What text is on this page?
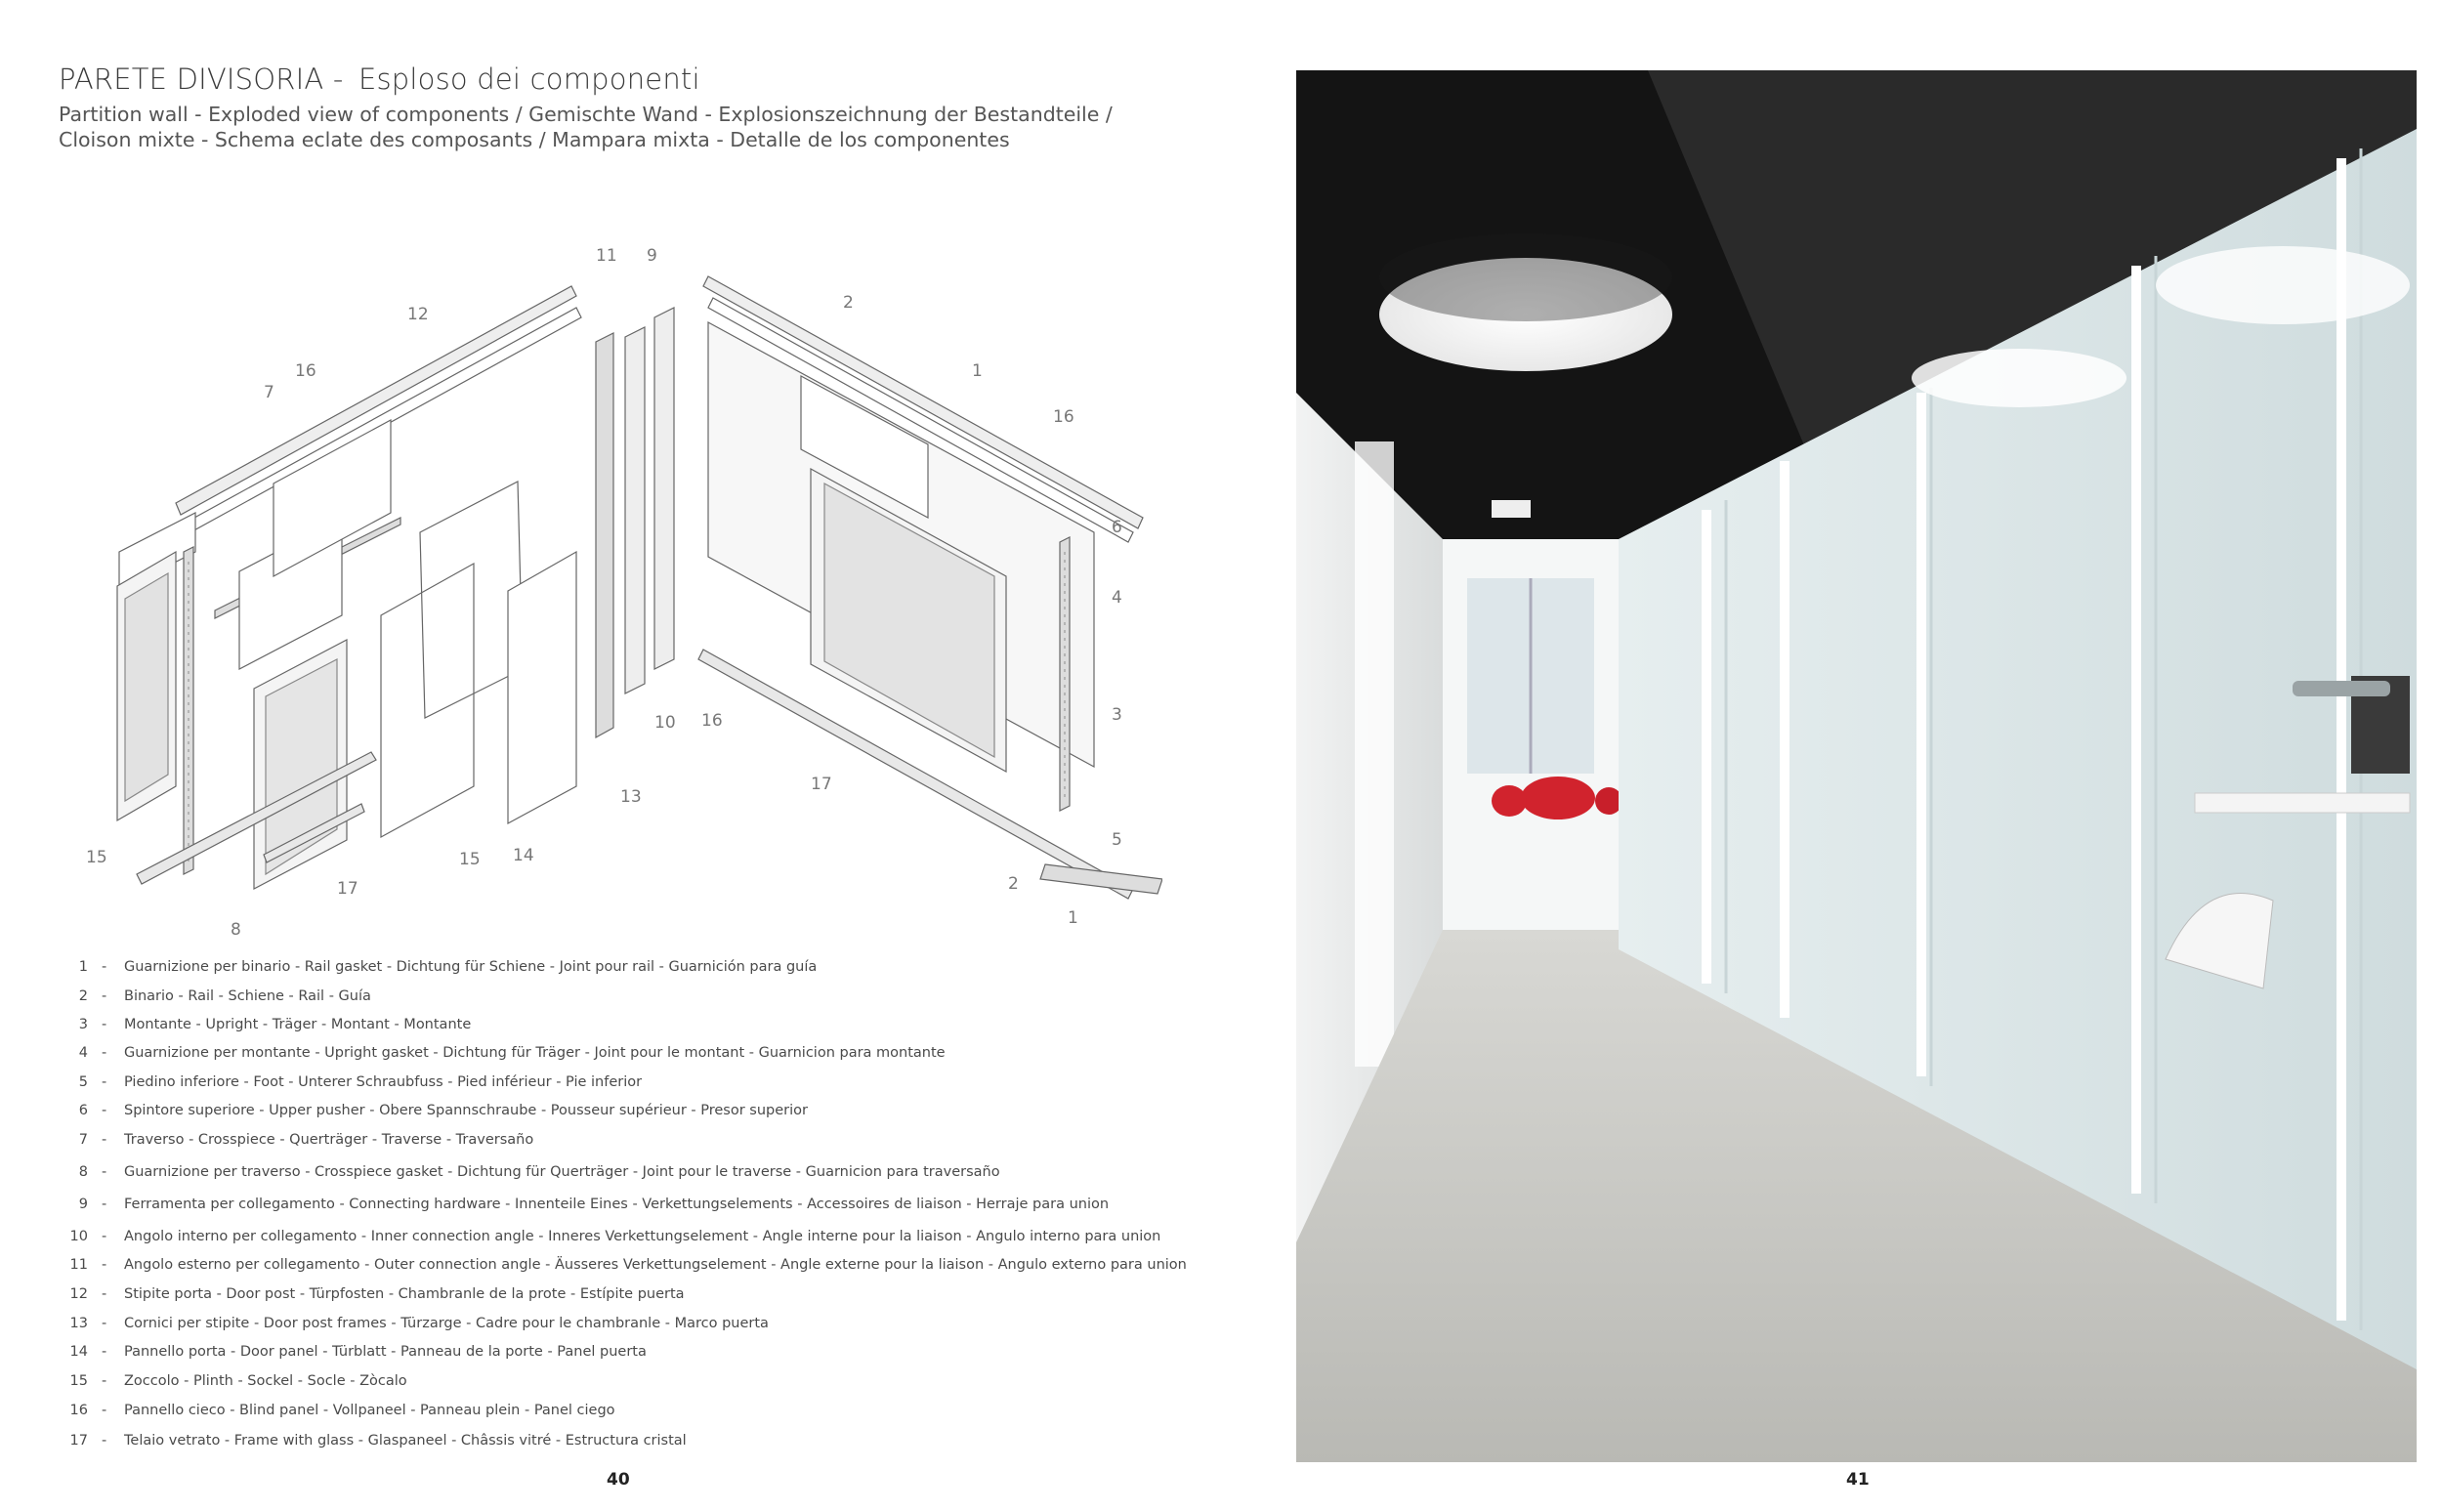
PARETE DIVISORIA - Esploso dei componenti
Partition wall - Exploded view of components / Gemischte Wand - Explosionszeichnung der Bestandteile /
Cloison mixte - Schema eclate des composants / Mampara mixta - Detalle de los componentes
11 9
12
2
16	1
7
16
6
4
3
10 16
17
13
15	14
15
5
17	2
1
8
1 - Guarnizione per binario - Rail gasket - Dichtung für Schiene - Joint pour rail - Guarnición para guía
2 - Binario - Rail - Schiene - Rail - Guía
3 - Montante - Upright - Träger - Montant - Montante
4 - Guarnizione per montante - Upright gasket - Dichtung für Träger - Joint pour le montant - Guarnicion para montante
5 - Piedino inferiore - Foot - Unterer Schraubfuss - Pied inférieur - Pie inferior
6 - Spintore superiore - Upper pusher - Obere Spannschraube - Pousseur supérieur - Presor superior
7 - Traverso - Crosspiece - Querträger - Traverse - Traversaño
8 - Guarnizione per traverso - Crosspiece gasket - Dichtung für Querträger - Joint pour le traverse - Guarnicion para traversaño
9 - Ferramenta per collegamento - Connecting hardware - Innenteile Eines - Verkettungselements - Accessoires de liaison - Herraje para union
10 - Angolo interno per collegamento - Inner connection angle - Inneres Verkettungselement - Angle interne pour la liaison - Angulo interno para union
11 - Angolo esterno per collegamento - Outer connection angle - Äusseres Verkettungselement - Angle externe pour la liaison - Angulo externo para union
12 - Stipite porta - Door post - Türpfosten - Chambranle de la prote - Estípite puerta
13 - Cornici per stipite - Door post frames - Türzarge - Cadre pour le chambranle - Marco puerta
14 - Pannello porta - Door panel - Türblatt - Panneau de la porte - Panel puerta
15 - Zoccolo - Plinth - Sockel - Socle - Zòcalo
16 - Pannello cieco - Blind panel - Vollpaneel - Panneau plein - Panel ciego
17 - Telaio vetrato - Frame with glass - Glaspaneel - Châssis vitré - Estructura cristal
40	41
